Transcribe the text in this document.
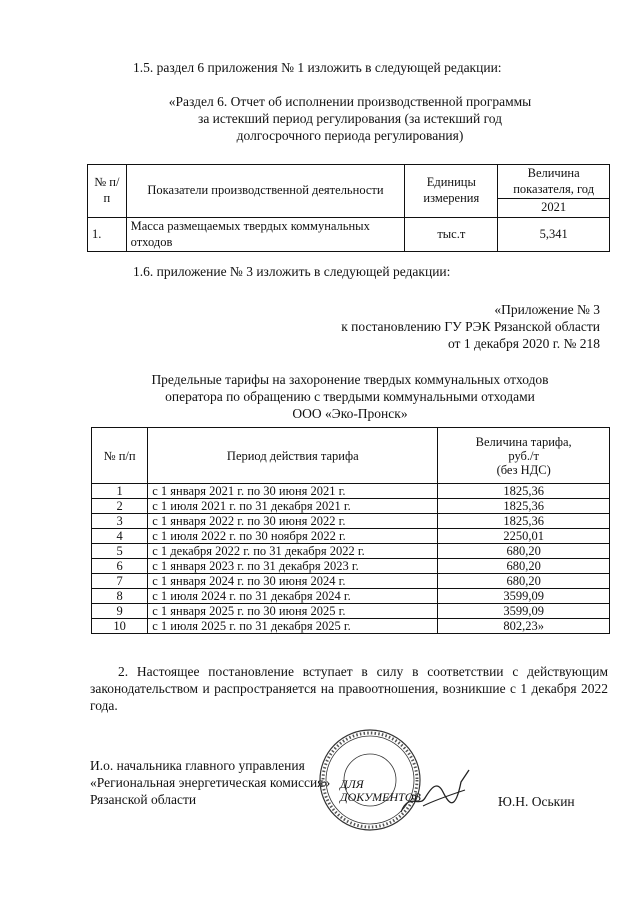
1.5. раздел 6 приложения № 1 изложить в следующей редакции:
«Раздел 6. Отчет об исполнении производственной программы
за истекший период регулирования (за истекший год
долгосрочного периода регулирования)
№ п/п	Показатели производственной деятельности	Единицы измерения	Величина показателя, год
			2021
1.	Масса размещаемых твердых коммунальных отходов	тыс.т	5,341
1.6. приложение № 3 изложить в следующей редакции:
«Приложение № 3
к постановлению ГУ РЭК Рязанской области
от 1 декабря 2020 г. № 218
Предельные тарифы на захоронение твердых коммунальных отходов
оператора по обращению с твердыми коммунальными отходами
ООО «Эко-Пронск»
№ п/п	Период действия тарифа	Величина тарифа,
руб./т
(без НДС)

1	с 1 января 2021 г. по 30 июня 2021 г.	1825,36
2	с 1 июля 2021 г. по 31 декабря 2021 г.	1825,36
3	с 1 января 2022 г. по 30 июня 2022 г.	1825,36
4	с 1 июля 2022 г. по 30 ноября 2022 г.	2250,01
5	с 1 декабря 2022 г. по 31 декабря 2022 г.	680,20
6	с 1 января 2023 г. по 31 декабря 2023 г.	680,20
7	с 1 января 2024 г. по 30 июня 2024 г.	680,20
8	с 1 июля 2024 г. по 31 декабря 2024 г.	3599,09
9	с 1 января 2025 г. по 30 июня 2025 г.	3599,09
10	с 1 июля 2025 г. по 31 декабря 2025 г.	802,23»
2. Настоящее постановление вступает в силу в соответствии с действующим законодательством и распространяется на правоотношения, возникшие с 1 декабря 2022 года.
И.о. начальника главного управления
«Региональная энергетическая комиссия»
Рязанской области	Ю.Н. Оськин
ДЛЯ ДОКУМЕНТОВ
